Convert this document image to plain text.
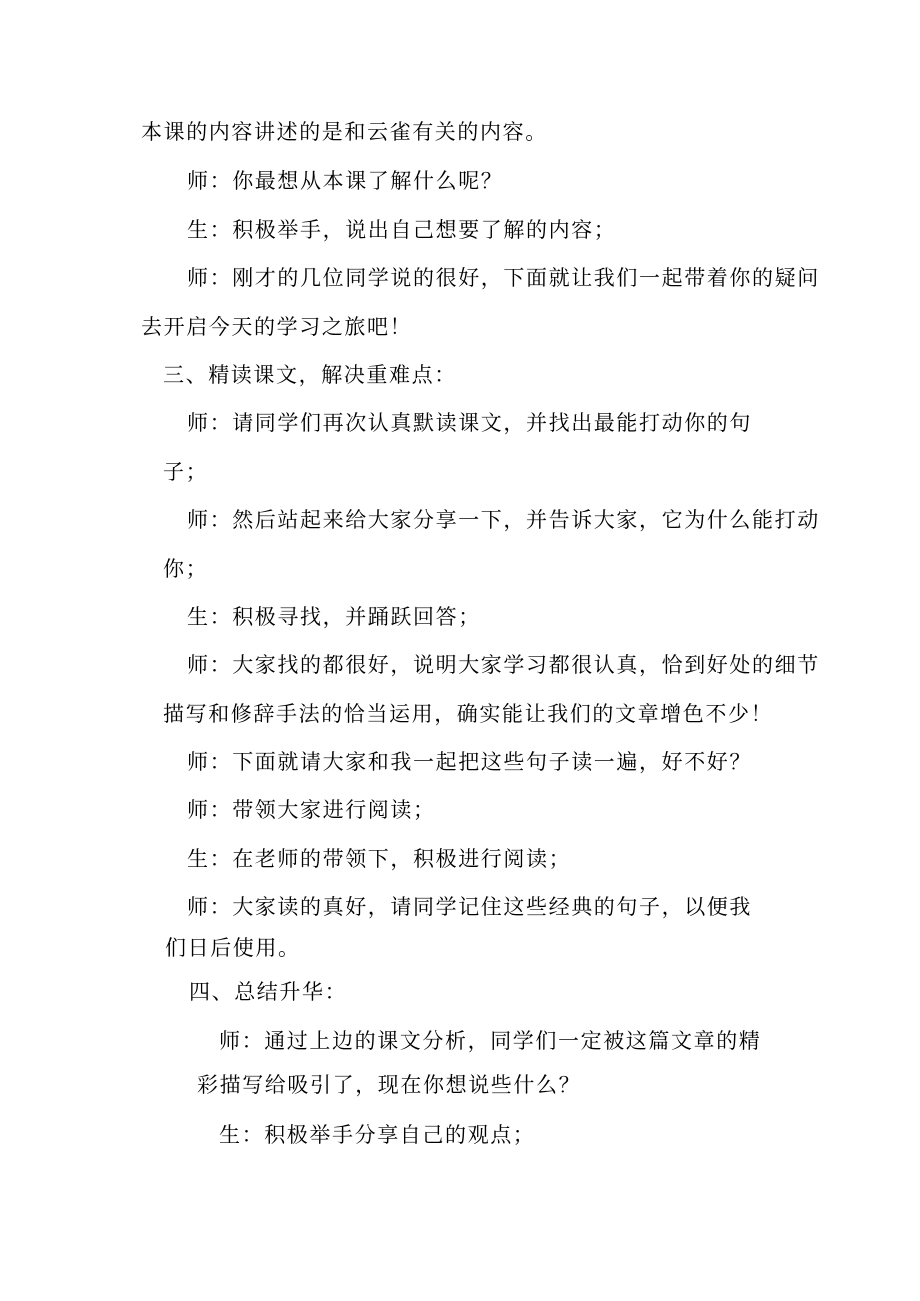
本课的内容讲述的是和云雀有关的内容。
师：你最想从本课了解什么呢？
生：积极举手，说出自己想要了解的内容；
师：刚才的几位同学说的很好，下面就让我们一起带着你的疑问
去开启今天的学习之旅吧！
三、精读课文，解决重难点：
师：请同学们再次认真默读课文，并找出最能打动你的句
子；
师：然后站起来给大家分享一下，并告诉大家，它为什么能打动
你；
生：积极寻找，并踊跃回答；
师：大家找的都很好，说明大家学习都很认真，恰到好处的细节
描写和修辞手法的恰当运用，确实能让我们的文章增色不少！
师：下面就请大家和我一起把这些句子读一遍，好不好？
师：带领大家进行阅读；
生：在老师的带领下，积极进行阅读；
师：大家读的真好，请同学记住这些经典的句子，以便我
们日后使用。
四、总结升华：
师：通过上边的课文分析，同学们一定被这篇文章的精
彩描写给吸引了，现在你想说些什么？
生：积极举手分享自己的观点；
